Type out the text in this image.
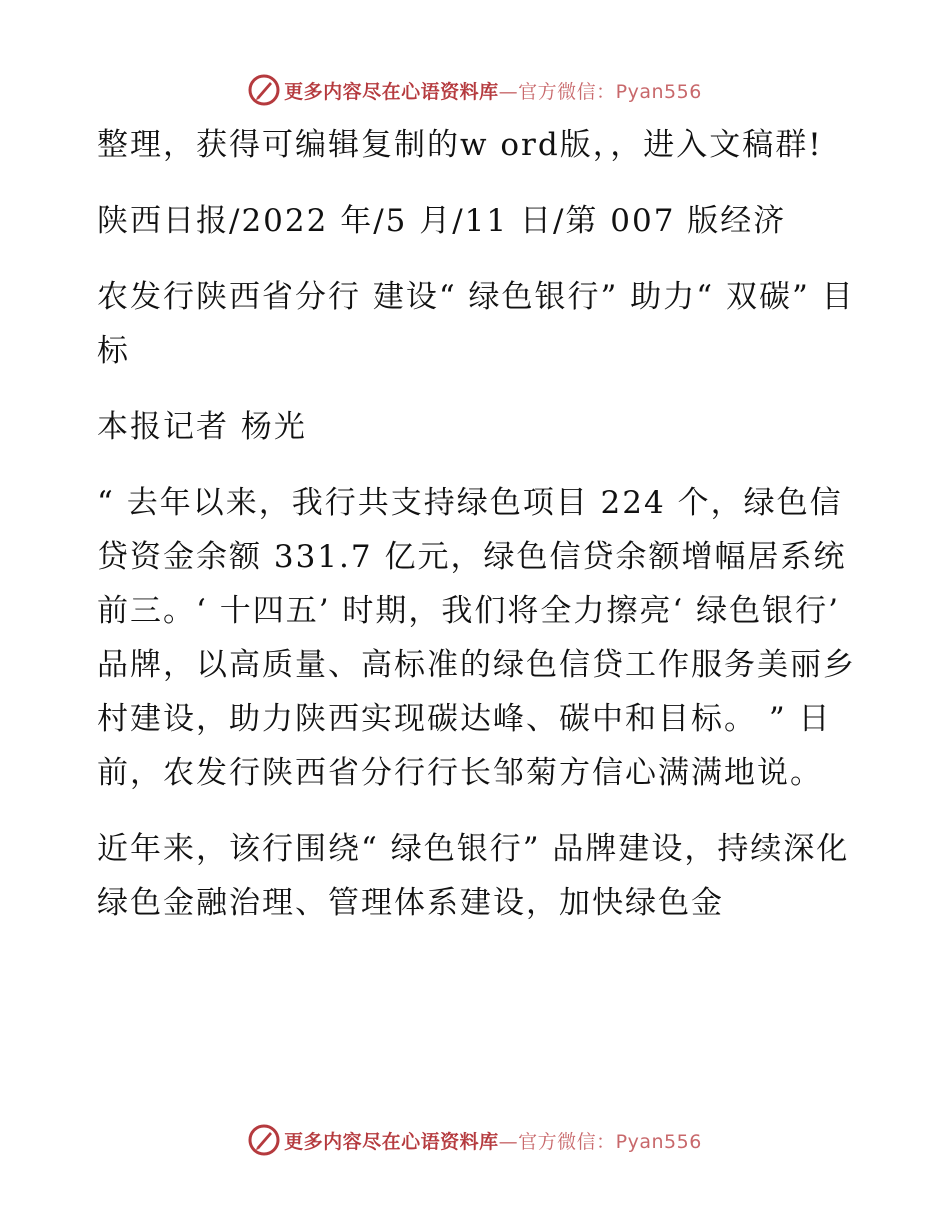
更多内容尽在心语资料库—官方微信：Pyan556

整理，获得可编辑复制的w ord版，，进入文稿群!

陕西日报/2022 年/5 月/11 日/第 007 版经济

农发行陕西省分行 建设“ 绿色银行” 助力“ 双碳” 目标

本报记者 杨光

“ 去年以来，我行共支持绿色项目 224 个，绿色信贷资金余额 331.7 亿元，绿色信贷余额增幅居系统前三。‘ 十四五’ 时期，我们将全力擦亮‘ 绿色银行’ 品牌，以高质量、高标准的绿色信贷工作服务美丽乡村建设，助力陕西实现碳达峰、碳中和目标。 ” 日前，农发行陕西省分行行长邹菊方信心满满地说。

近年来，该行围绕“ 绿色银行” 品牌建设，持续深化绿色金融治理、管理体系建设，加快绿色金

更多内容尽在心语资料库—官方微信：Pyan556
